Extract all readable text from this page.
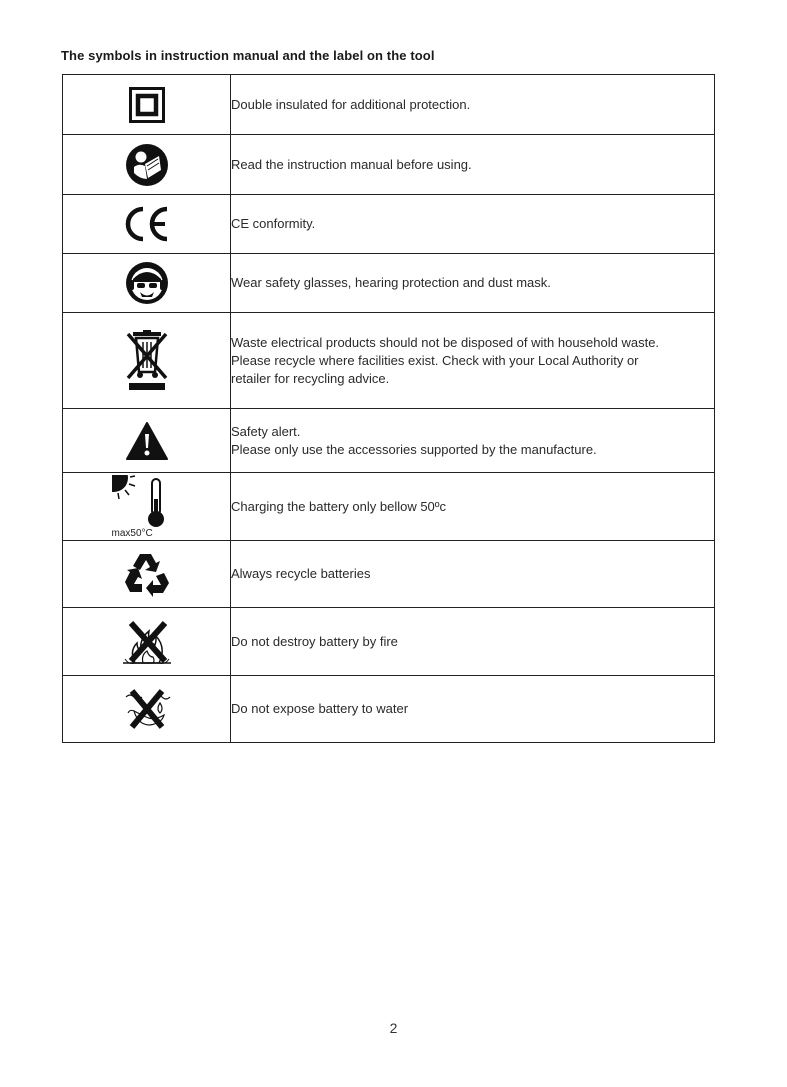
The symbols in instruction manual and the label on the tool

Double insulated for additional protection.

Read the instruction manual before using.

CE conformity.

Wear safety glasses, hearing protection and dust mask.

Waste electrical products should not be disposed of with household waste.
Please recycle where facilities exist. Check with your Local Authority or
retailer for recycling advice.

Safety alert.
Please only use the accessories supported by the manufacture.

max50°C	Charging the battery only bellow 50ºc

Always recycle batteries

Do not destroy battery by fire

Do not expose battery to water
2
